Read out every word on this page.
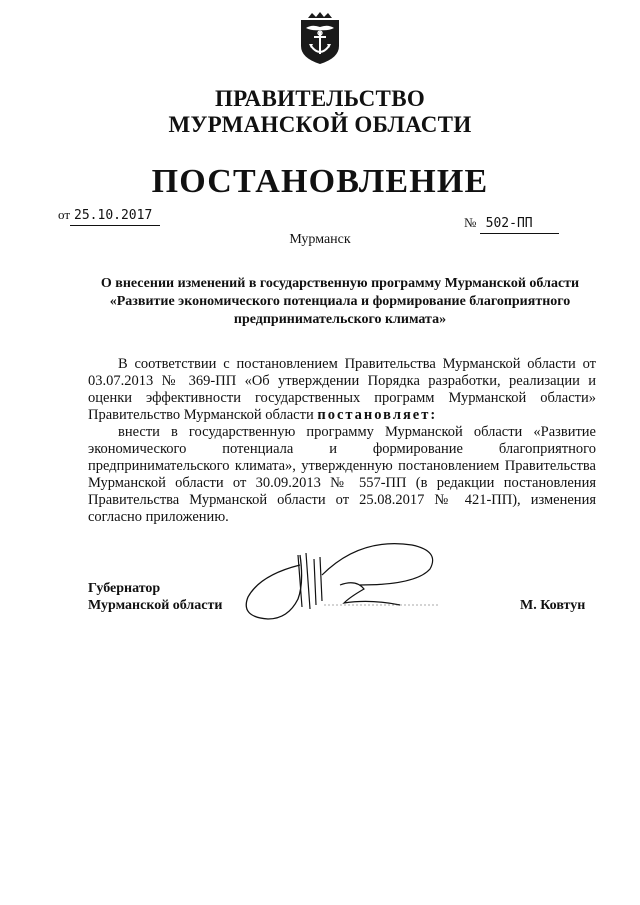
ПРАВИТЕЛЬСТВО
МУРМАНСКОЙ ОБЛАСТИ
ПОСТАНОВЛЕНИЕ
от 25.10.2017	№ 502-ПП
Мурманск
О внесении изменений в государственную программу Мурманской области
«Развитие экономического потенциала и формирование благоприятного
предпринимательского климата»

В соответствии с постановлением Правительства Мурманской области от 03.07.2013 № 369-ПП «Об утверждении Порядка разработки, реализации и оценки эффективности государственных программ Мурманской области» Правительство Мурманской области постановляет:

внести в государственную программу Мурманской области «Развитие экономического потенциала и формирование благоприятного предпринимательского климата», утвержденную постановлением Правительства Мурманской области от 30.09.2013 № 557-ПП (в редакции постановления Правительства Мурманской области от 25.08.2017 № 421-ПП), изменения согласно приложению.

Губернатор
Мурманской области	М. Ковтун
